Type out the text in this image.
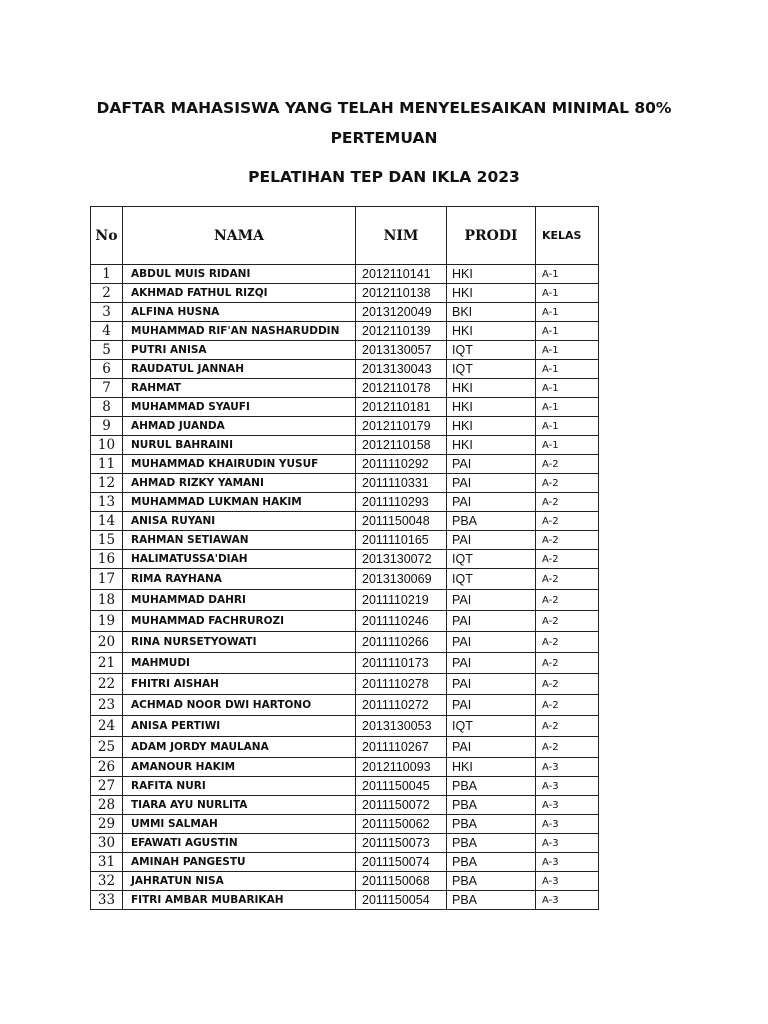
DAFTAR MAHASISWA YANG TELAH MENYELESAIKAN MINIMAL 80%
PERTEMUAN
PELATIHAN TEP DAN IKLA 2023
No	NAMA	NIM	PRODI	KELAS
1	ABDUL MUIS RIDANI	2012110141	HKI	A-1
2	AKHMAD FATHUL RIZQI	2012110138	HKI	A-1
3	ALFINA HUSNA	2013120049	BKI	A-1
4	MUHAMMAD RIF'AN NASHARUDDIN	2012110139	HKI	A-1
5	PUTRI ANISA	2013130057	IQT	A-1
6	RAUDATUL JANNAH	2013130043	IQT	A-1
7	RAHMAT	2012110178	HKI	A-1
8	MUHAMMAD SYAUFI	2012110181	HKI	A-1
9	AHMAD JUANDA	2012110179	HKI	A-1
10	NURUL BAHRAINI	2012110158	HKI	A-1
11	MUHAMMAD KHAIRUDIN YUSUF	2011110292	PAI	A-2
12	AHMAD RIZKY YAMANI	2011110331	PAI	A-2
13	MUHAMMAD LUKMAN HAKIM	2011110293	PAI	A-2
14	ANISA RUYANI	2011150048	PBA	A-2
15	RAHMAN SETIAWAN	2011110165	PAI	A-2
16	HALIMATUSSA'DIAH	2013130072	IQT	A-2
17	RIMA RAYHANA	2013130069	IQT	A-2
18	MUHAMMAD DAHRI	2011110219	PAI	A-2
19	MUHAMMAD FACHRUROZI	2011110246	PAI	A-2
20	RINA NURSETYOWATI	2011110266	PAI	A-2
21	MAHMUDI	2011110173	PAI	A-2
22	FHITRI AISHAH	2011110278	PAI	A-2
23	ACHMAD NOOR DWI HARTONO	2011110272	PAI	A-2
24	ANISA PERTIWI	2013130053	IQT	A-2
25	ADAM JORDY MAULANA	2011110267	PAI	A-2
26	AMANOUR HAKIM	2012110093	HKI	A-3
27	RAFITA NURI	2011150045	PBA	A-3
28	TIARA AYU NURLITA	2011150072	PBA	A-3
29	UMMI SALMAH	2011150062	PBA	A-3
30	EFAWATI AGUSTIN	2011150073	PBA	A-3
31	AMINAH PANGESTU	2011150074	PBA	A-3
32	JAHRATUN NISA	2011150068	PBA	A-3
33	FITRI AMBAR MUBARIKAH	2011150054	PBA	A-3
